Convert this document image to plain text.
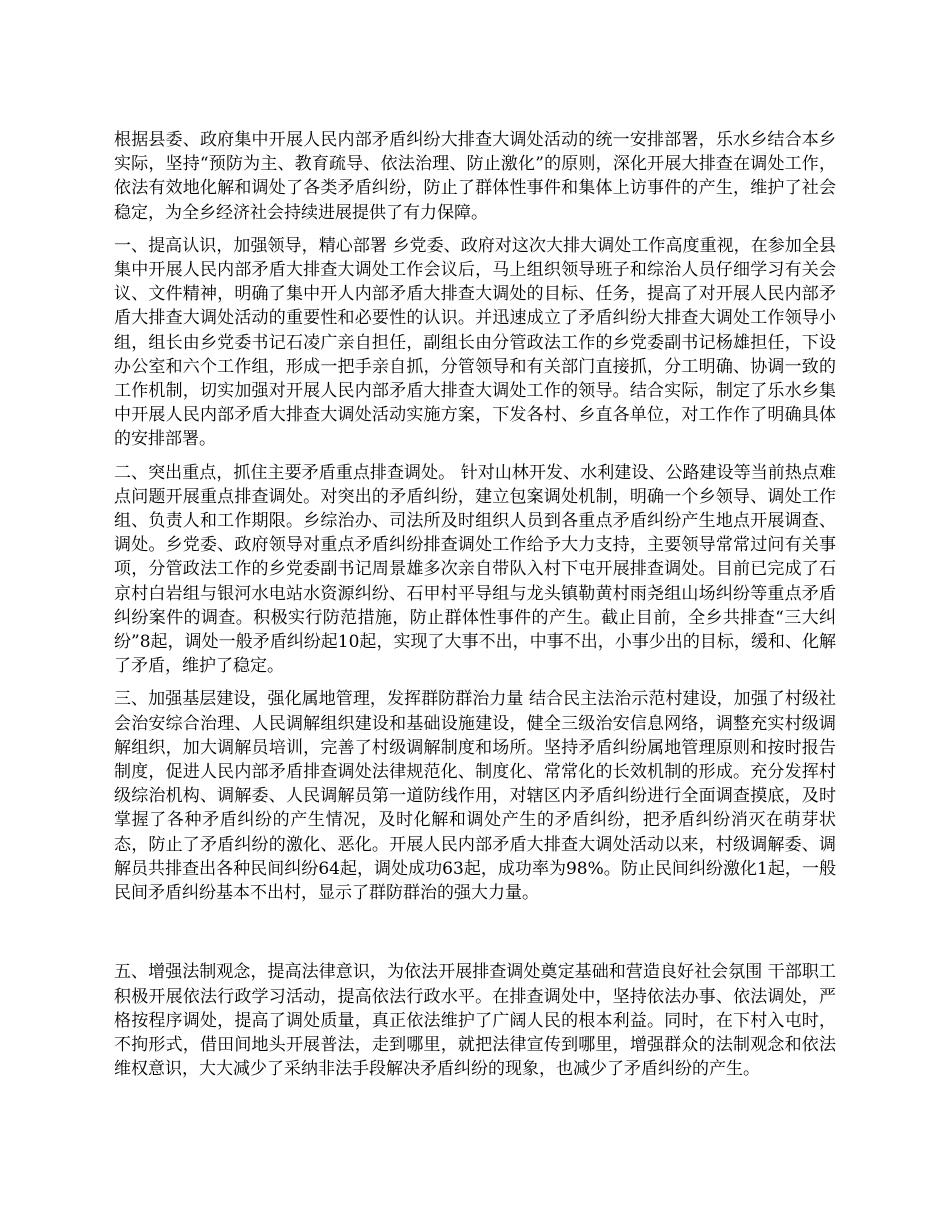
根据县委、政府集中开展人民内部矛盾纠纷大排查大调处活动的统一安排部署，乐水乡结合本乡实际，坚持“预防为主、教育疏导、依法治理、防止激化”的原则，深化开展大排查在调处工作，依法有效地化解和调处了各类矛盾纠纷，防止了群体性事件和集体上访事件的产生，维护了社会稳定，为全乡经济社会持续进展提供了有力保障。

一、提高认识，加强领导，精心部署 乡党委、政府对这次大排大调处工作高度重视，在参加全县集中开展人民内部矛盾大排查大调处工作会议后，马上组织领导班子和综治人员仔细学习有关会议、文件精神，明确了集中开人内部矛盾大排查大调处的目标、任务，提高了对开展人民内部矛盾大排查大调处活动的重要性和必要性的认识。并迅速成立了矛盾纠纷大排查大调处工作领导小组，组长由乡党委书记石凌广亲自担任，副组长由分管政法工作的乡党委副书记杨雄担任，下设办公室和六个工作组，形成一把手亲自抓，分管领导和有关部门直接抓，分工明确、协调一致的工作机制，切实加强对开展人民内部矛盾大排查大调处工作的领导。结合实际，制定了乐水乡集中开展人民内部矛盾大排查大调处活动实施方案，下发各村、乡直各单位，对工作作了明确具体的安排部署。

二、突出重点，抓住主要矛盾重点排查调处。 针对山林开发、水利建设、公路建设等当前热点难点问题开展重点排查调处。对突出的矛盾纠纷，建立包案调处机制，明确一个乡领导、调处工作组、负责人和工作期限。乡综治办、司法所及时组织人员到各重点矛盾纠纷产生地点开展调查、调处。乡党委、政府领导对重点矛盾纠纷排查调处工作给予大力支持，主要领导常常过问有关事项，分管政法工作的乡党委副书记周景雄多次亲自带队入村下屯开展排查调处。目前已完成了石京村白岩组与银河水电站水资源纠纷、石甲村平导组与龙头镇勒黄村雨尧组山场纠纷等重点矛盾纠纷案件的调查。积极实行防范措施，防止群体性事件的产生。截止目前，全乡共排查“三大纠纷”8起，调处一般矛盾纠纷起10起，实现了大事不出，中事不出，小事少出的目标，缓和、化解了矛盾，维护了稳定。

三、加强基层建设，强化属地管理，发挥群防群治力量 结合民主法治示范村建设，加强了村级社会治安综合治理、人民调解组织建设和基础设施建设，健全三级治安信息网络，调整充实村级调解组织，加大调解员培训，完善了村级调解制度和场所。坚持矛盾纠纷属地管理原则和按时报告制度，促进人民内部矛盾排查调处法律规范化、制度化、常常化的长效机制的形成。充分发挥村级综治机构、调解委、人民调解员第一道防线作用，对辖区内矛盾纠纷进行全面调查摸底，及时掌握了各种矛盾纠纷的产生情况，及时化解和调处产生的矛盾纠纷，把矛盾纠纷消灭在萌芽状态，防止了矛盾纠纷的激化、恶化。开展人民内部矛盾大排查大调处活动以来，村级调解委、调解员共排查出各种民间纠纷64起，调处成功63起，成功率为98%。防止民间纠纷激化1起，一般民间矛盾纠纷基本不出村，显示了群防群治的强大力量。

五、增强法制观念，提高法律意识，为依法开展排查调处奠定基础和营造良好社会氛围 干部职工积极开展依法行政学习活动，提高依法行政水平。在排查调处中，坚持依法办事、依法调处，严格按程序调处，提高了调处质量，真正依法维护了广阔人民的根本利益。同时，在下村入屯时，不拘形式，借田间地头开展普法，走到哪里，就把法律宣传到哪里，增强群众的法制观念和依法维权意识，大大减少了采纳非法手段解决矛盾纠纷的现象，也减少了矛盾纠纷的产生。
